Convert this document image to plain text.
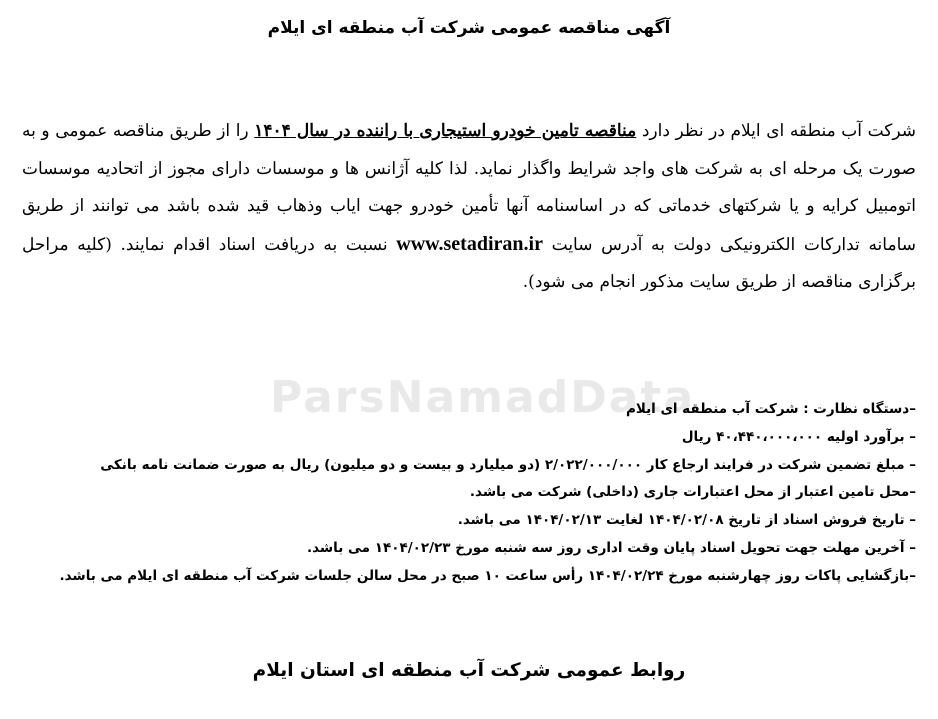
ParsNamadData
آگهی مناقصه عمومی شرکت آب منطقه ای ایلام

شرکت آب منطقه ای ایلام در نظر دارد مناقصه تامین خودرو استیجاری با راننده در سال ۱۴۰۴ را از طریق مناقصه عمومی و به صورت یک مرحله ای به شرکت های واجد شرایط واگذار نماید. لذا کلیه آژانس ها و موسسات دارای مجوز از اتحادیه موسسات اتومبیل کرایه و یا شرکتهای خدماتی که در اساسنامه آنها تأمین خودرو جهت ایاب وذهاب قید شده باشد می توانند از طریق سامانه تدارکات الکترونیکی دولت به آدرس سایت www.setadiran.ir نسبت به دریافت اسناد اقدام نمایند. (کلیه مراحل برگزاری مناقصه از طریق سایت مذکور انجام می شود).

–دستگاه نظارت : شرکت آب منطقه ای ایلام
– برآورد اولیه ۴۰،۴۴۰،۰۰۰،۰۰۰ ریال
– مبلغ تضمین شرکت در فرایند ارجاع کار ۲/۰۲۲/۰۰۰/۰۰۰ (دو میلیارد و بیست و دو میلیون) ریال به صورت ضمانت نامه بانکی
–محل تامین اعتبار از محل اعتبارات جاری (داخلی) شرکت می باشد.
– تاریخ فروش اسناد از تاریخ ۱۴۰۴/۰۲/۰۸ لغایت ۱۴۰۴/۰۲/۱۳ می باشد.
– آخرین مهلت جهت تحویل اسناد پایان وقت اداری روز سه شنبه مورخ ۱۴۰۴/۰۲/۲۳ می باشد.
–بازگشایی پاکات روز چهارشنبه مورخ ۱۴۰۴/۰۲/۲۴ رأس ساعت ۱۰ صبح در محل سالن جلسات شرکت آب منطقه ای ایلام می باشد.
روابط عمومی شرکت آب منطقه ای استان ایلام
